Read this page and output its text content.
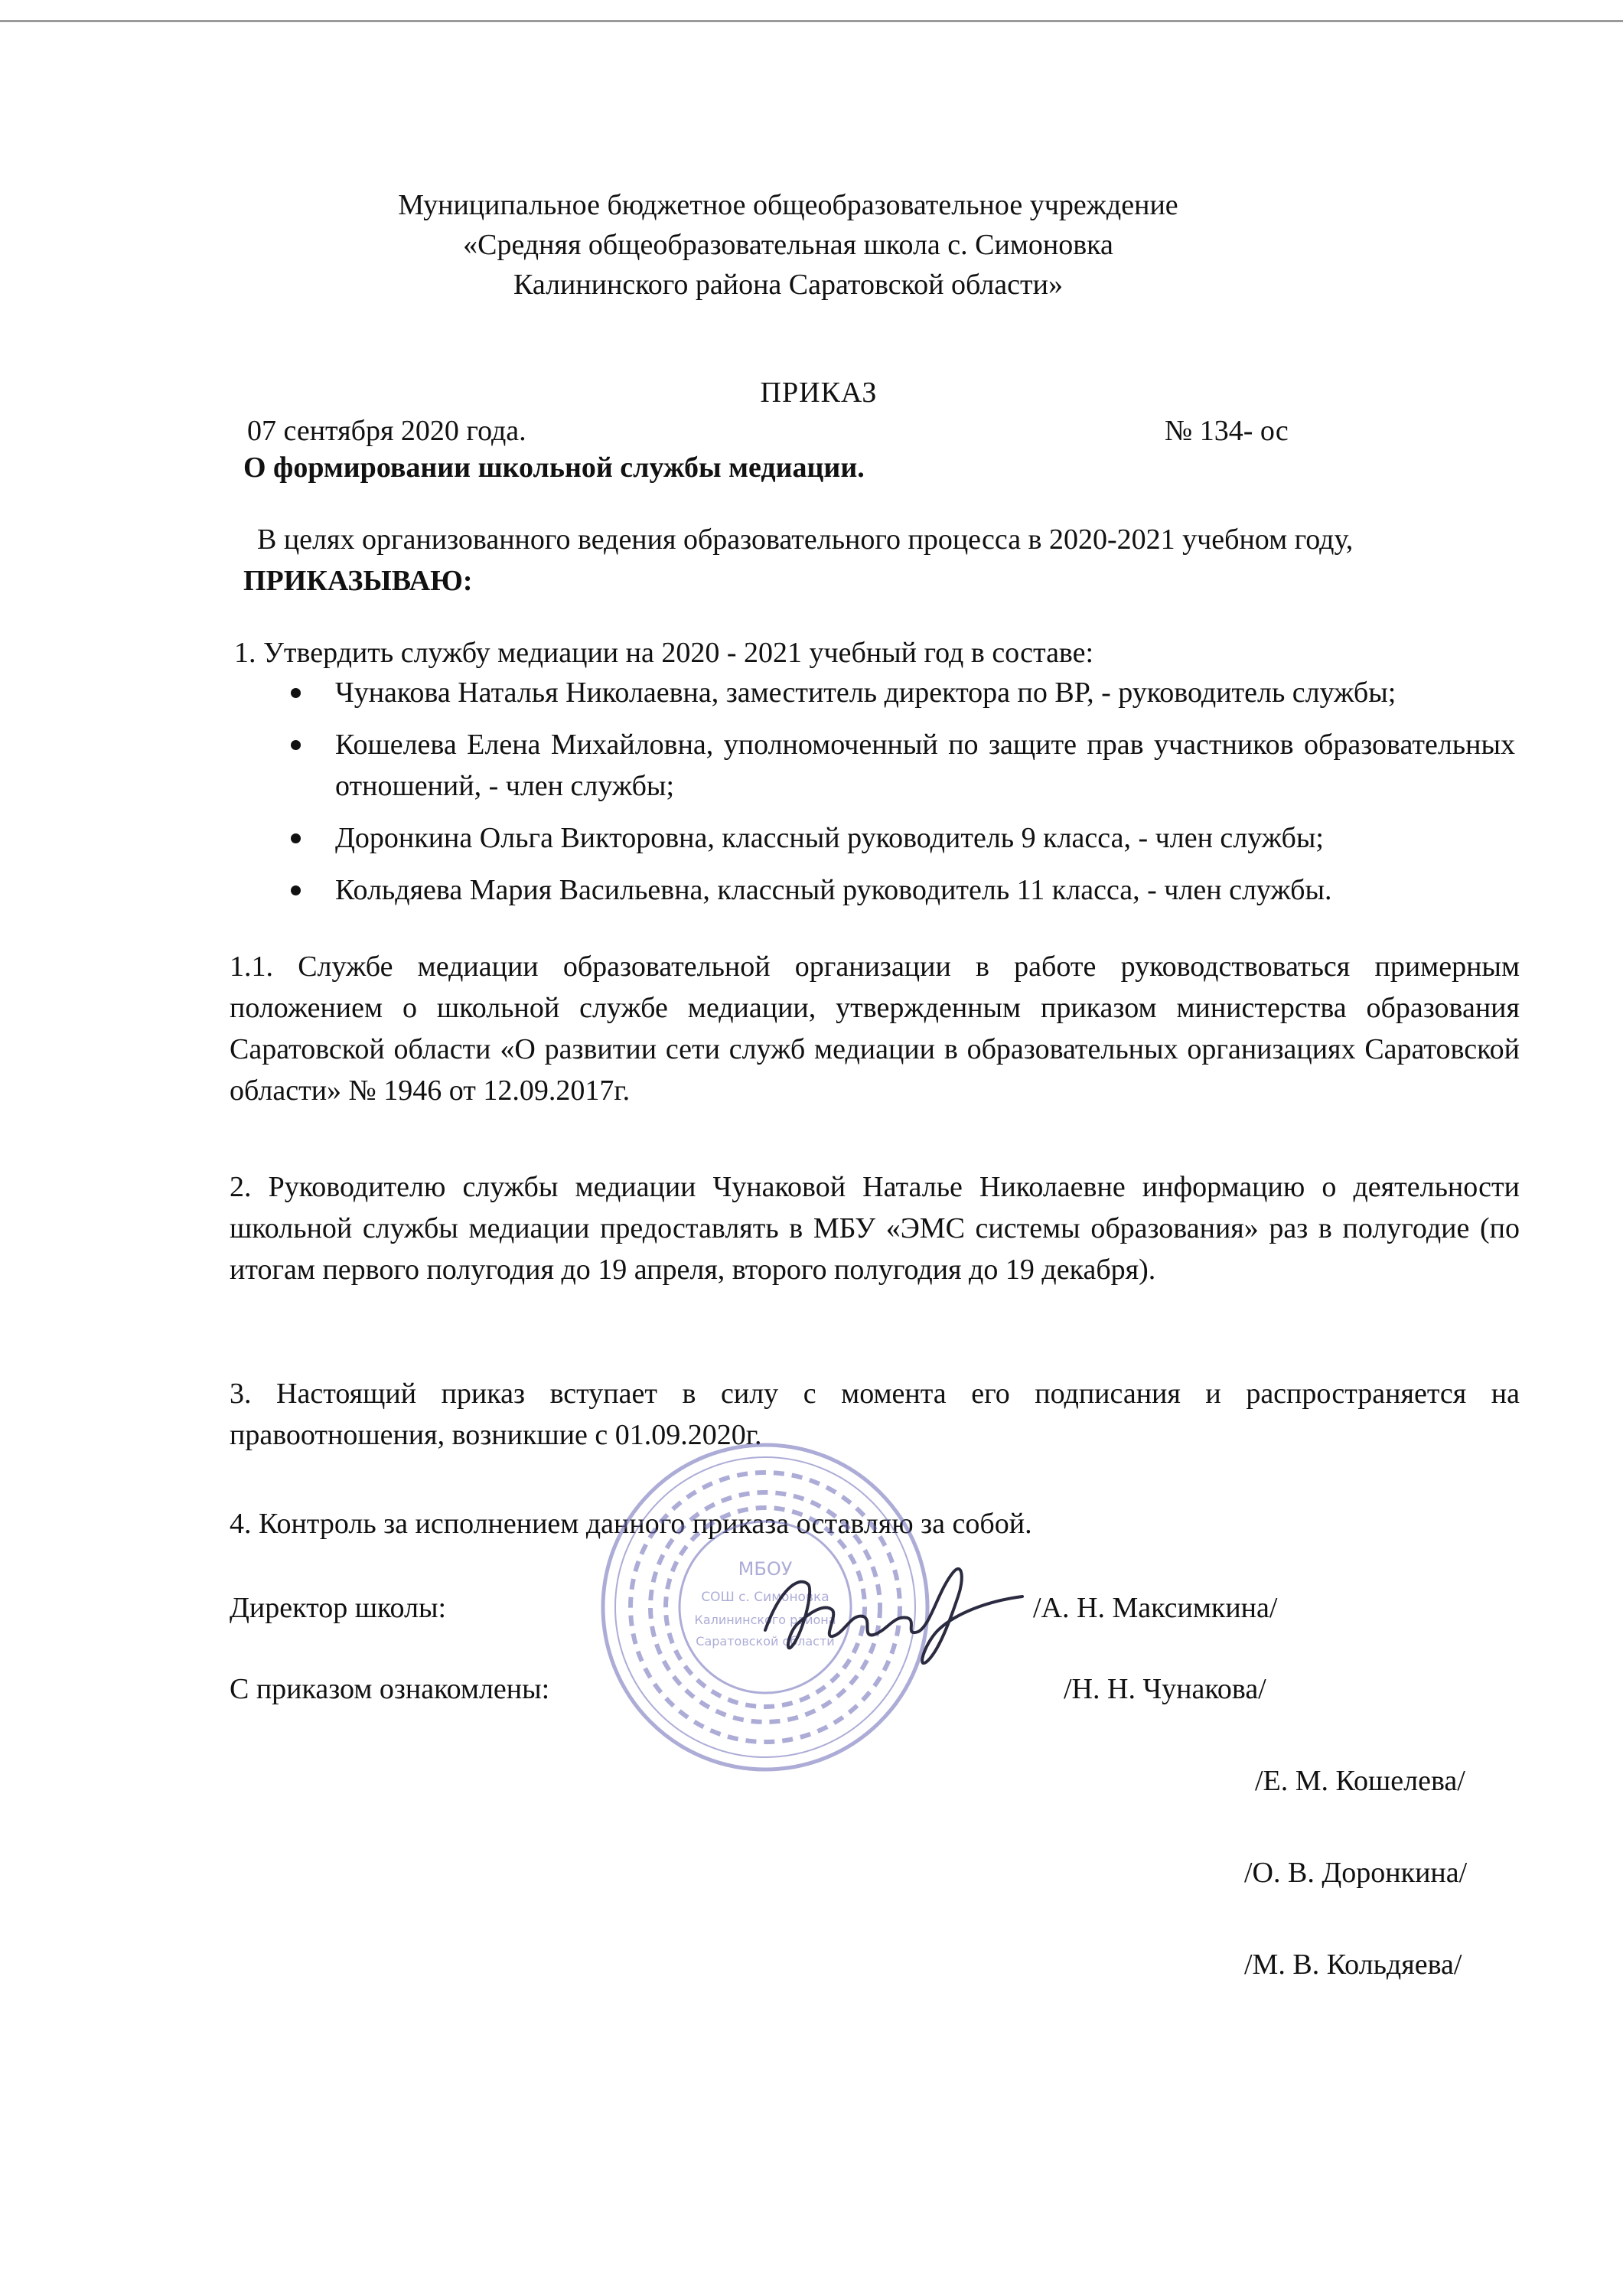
Муниципальное бюджетное общеобразовательное учреждение
«Средняя общеобразовательная школа с. Симоновка
Калининского района Саратовской области»
ПРИКАЗ
07 сентября 2020 года.	№ 134- ос
О формировании школьной службы медиации.
В целях организованного ведения образовательного процесса в 2020-2021 учебном году,
ПРИКАЗЫВАЮ:
1. Утвердить службу медиации на 2020 - 2021 учебный год в составе:
Чунакова Наталья Николаевна, заместитель директора по ВР, - руководитель службы;
Кошелева Елена Михайловна, уполномоченный по защите прав участников образовательных отношений, - член службы;
Доронкина Ольга Викторовна, классный руководитель 9 класса, - член службы;
Кольдяева Мария Васильевна, классный руководитель 11 класса, - член службы.
1.1. Службе медиации образовательной организации в работе руководствоваться примерным положением о школьной службе медиации, утвержденным приказом министерства образования Саратовской области «О развитии сети служб медиации в образовательных организациях Саратовской области» № 1946 от 12.09.2017г.
2. Руководителю службы медиации Чунаковой Наталье Николаевне информацию о деятельности школьной службы медиации предоставлять в МБУ «ЭМС системы образования» раз в полугодие (по итогам первого полугодия до 19 апреля, второго полугодия до 19 декабря).
3. Настоящий приказ вступает в силу с момента его подписания и распространяется на правоотношения, возникшие с 01.09.2020г.
4. Контроль за исполнением данного приказа оставляю за собой.
МБОУ
СОШ с. Симоновка
Калининского района
Саратовской области
Директор школы:	/А. Н. Максимкина/
С приказом ознакомлены:	/Н. Н. Чунакова/
/Е. М. Кошелева/
/О. В. Доронкина/
/М. В. Кольдяева/
